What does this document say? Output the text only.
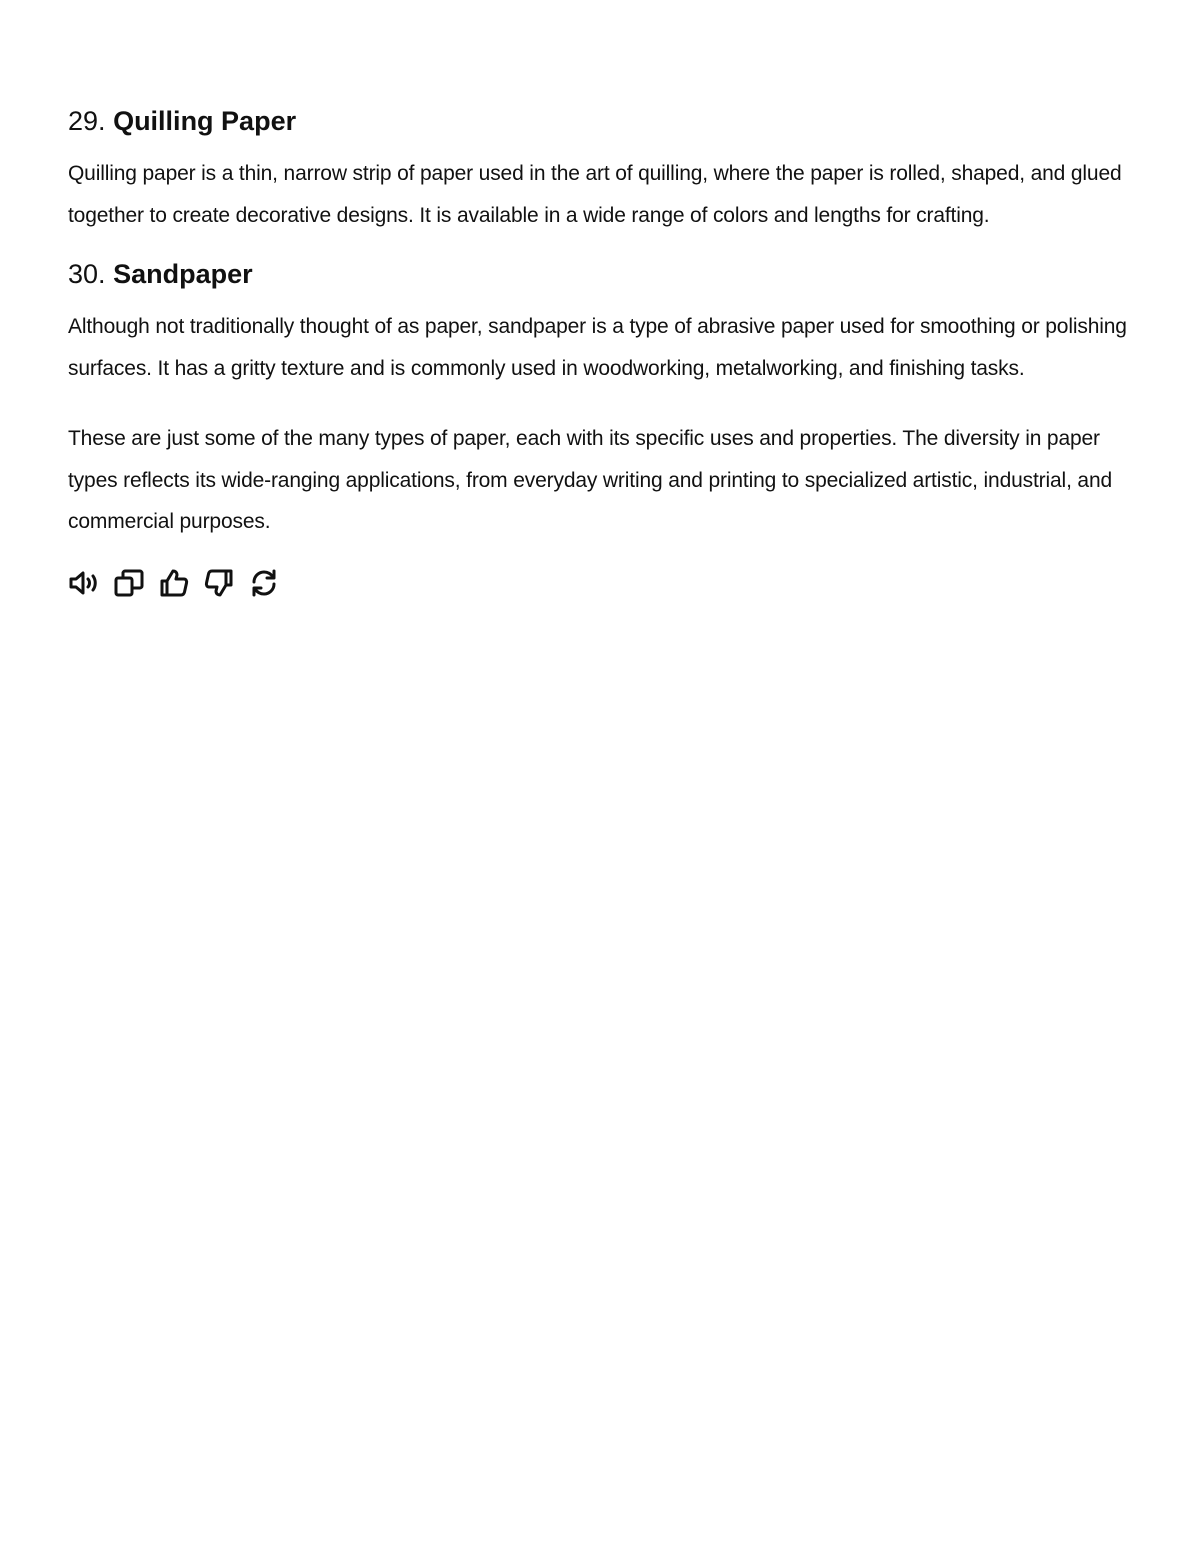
29. Quilling Paper

Quilling paper is a thin, narrow strip of paper used in the art of quilling, where the paper is rolled, shaped, and glued together to create decorative designs. It is available in a wide range of colors and lengths for crafting.

30. Sandpaper

Although not traditionally thought of as paper, sandpaper is a type of abrasive paper used for smoothing or polishing surfaces. It has a gritty texture and is commonly used in woodworking, metalworking, and finishing tasks.

These are just some of the many types of paper, each with its specific uses and properties. The diversity in paper types reflects its wide-ranging applications, from everyday writing and printing to specialized artistic, industrial, and commercial purposes.
